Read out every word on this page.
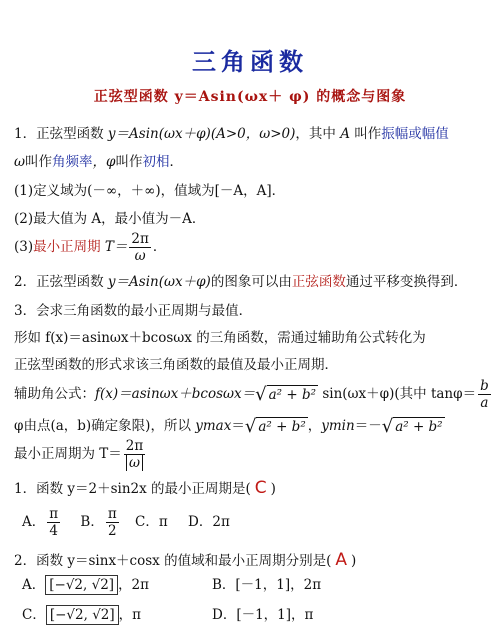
三角函数
正弦型函数 y＝Asin(ωx＋ φ) 的概念与图象
1．正弦型函数 y＝Asin(ωx＋φ)(A>0，ω>0)，其中 A 叫作振幅或幅值
ω叫作角频率，φ叫作初相．
(1)定义域为(－∞，＋∞)，值域为[－A，A]．
(2)最大值为 A，最小值为－A．
(3)最小正周期 $T= \frac{2\pi}{\omega}$ ．
2．正弦型函数 y＝Asin(ωx＋φ)的图象可以由正弦函数通过平移变换得到．
3．会求三角函数的最小正周期与最值．
形如 f(x)＝asinωx＋bcosωx 的三角函数，需通过辅助角公式转化为
正弦型函数的形式求该三角函数的最值及最小正周期．
辅助角公式：f(x)＝asinωx＋bcosωx＝√ a² + b² sin(ωx＋φ)(其中 $\tan\varphi= \frac{b}{a}$
φ由点(a，b)确定象限)，所以 ymax＝√ a² + b² ，ymin＝－√ a² + b²
最小正周期为 $T= \frac{2\pi}{\omega}$
1．函数 y＝2＋sin2x 的最小正周期是( C )
A． $\frac{\pi}{4}$ B． $\frac{\pi}{2}$ C．π D．2π
2．函数 y＝sinx＋cosx 的值域和最小正周期分别是( A )
A． [−√2, √2] ，2π	B．[－1，1]，2π
C． [−√2, √2] ，π	D．[－1，1]，π
